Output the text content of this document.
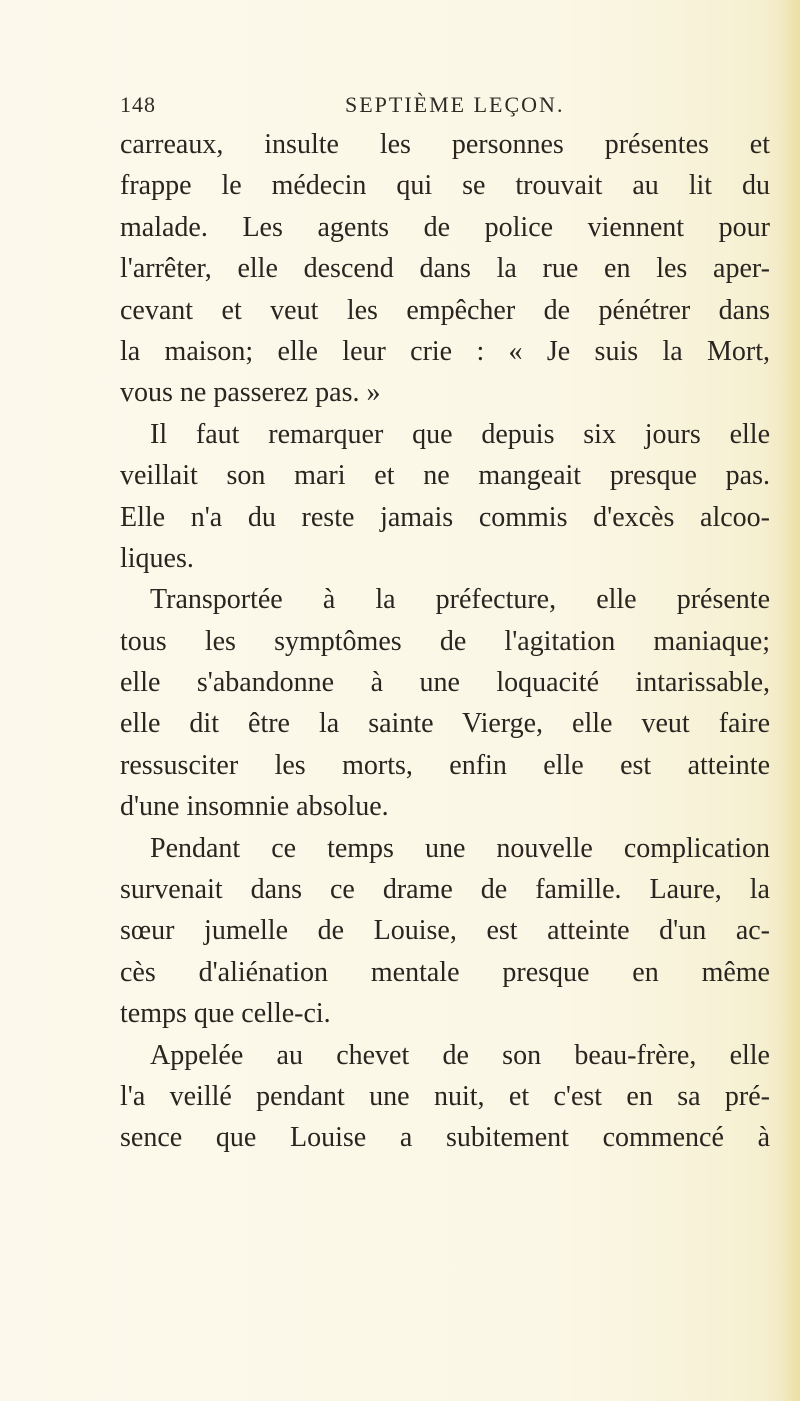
148	SEPTIÈME LEÇON.
carreaux, insulte les personnes présentes et
frappe le médecin qui se trouvait au lit du
malade. Les agents de police viennent pour
l'arrêter, elle descend dans la rue en les aper-
cevant et veut les empêcher de pénétrer dans
la maison; elle leur crie : « Je suis la Mort,
vous ne passerez pas. »
Il faut remarquer que depuis six jours elle
veillait son mari et ne mangeait presque pas.
Elle n'a du reste jamais commis d'excès alcoo-
liques.
Transportée à la préfecture, elle présente
tous les symptômes de l'agitation maniaque;
elle s'abandonne à une loquacité intarissable,
elle dit être la sainte Vierge, elle veut faire
ressusciter les morts, enfin elle est atteinte
d'une insomnie absolue.
Pendant ce temps une nouvelle complication
survenait dans ce drame de famille. Laure, la
sœur jumelle de Louise, est atteinte d'un ac-
cès d'aliénation mentale presque en même
temps que celle-ci.
Appelée au chevet de son beau-frère, elle
l'a veillé pendant une nuit, et c'est en sa pré-
sence que Louise a subitement commencé à
